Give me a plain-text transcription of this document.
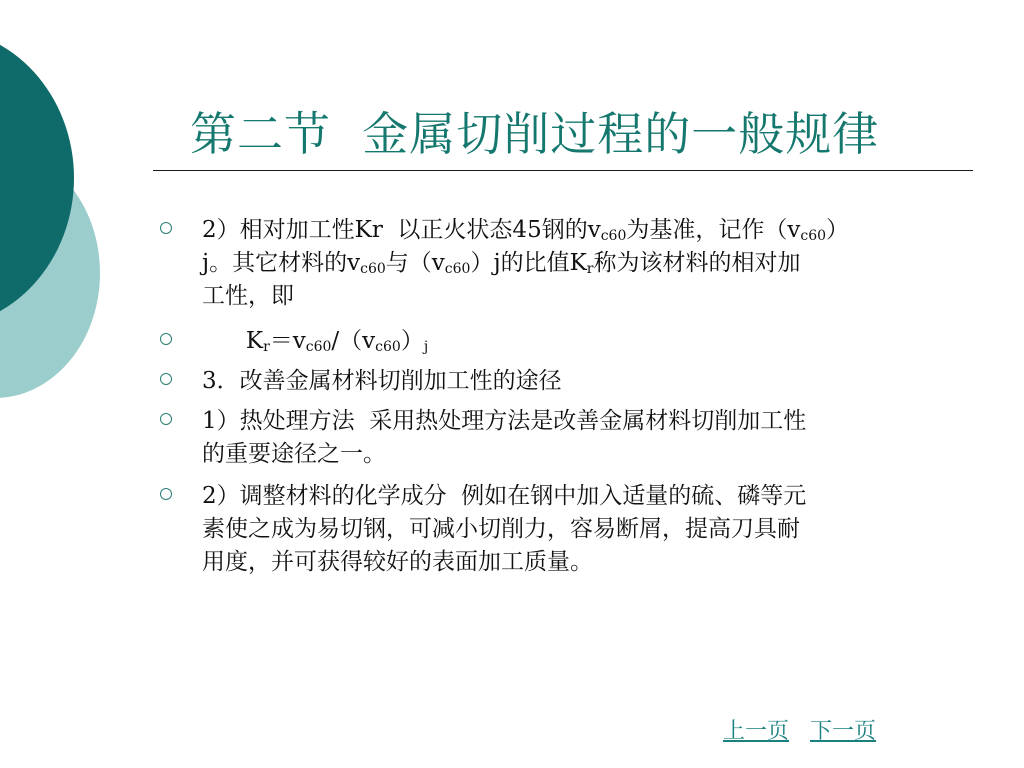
第二节  金属切削过程的一般规律
2）相对加工性Kr  以正火状态45钢的$v_{c60}$为基准，记作$(v_{c60})$
j。其它材料的$v_{c60}$与$(v_{c60})j$的比值$K_r$称为该材料的相对加
工性，即
$K_r=v_{c60}/(v_{c60})_j$
3．改善金属材料切削加工性的途径
1）热处理方法  采用热处理方法是改善金属材料切削加工性
的重要途径之一。
2）调整材料的化学成分  例如在钢中加入适量的硫、磷等元
素使之成为易切钢，可减小切削力，容易断屑，提高刀具耐
用度，并可获得较好的表面加工质量。
上一页 下一页
